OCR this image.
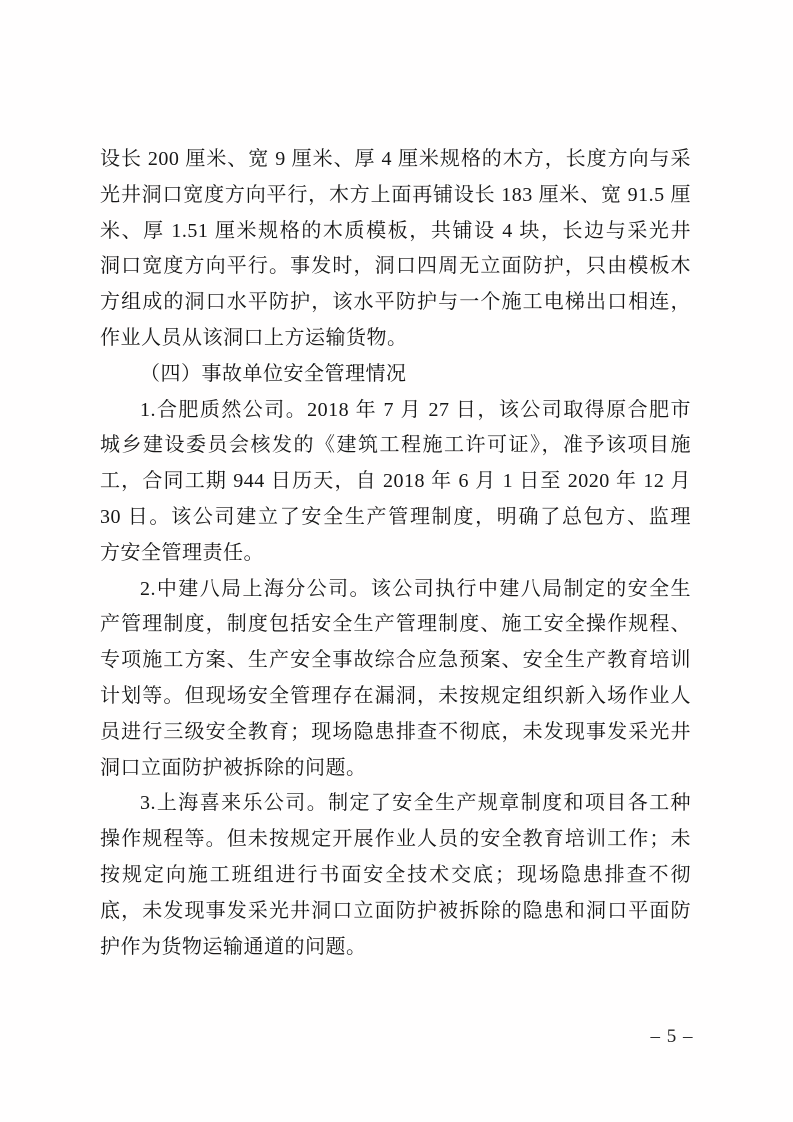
设长 200 厘米、宽 9 厘米、厚 4 厘米规格的木方，长度方向与采
光井洞口宽度方向平行，木方上面再铺设长 183 厘米、宽 91.5 厘
米、厚 1.51 厘米规格的木质模板，共铺设 4 块，长边与采光井
洞口宽度方向平行。事发时，洞口四周无立面防护，只由模板木
方组成的洞口水平防护，该水平防护与一个施工电梯出口相连，
作业人员从该洞口上方运输货物。
（四）事故单位安全管理情况
1.合肥质然公司。2018 年 7 月 27 日，该公司取得原合肥市
城乡建设委员会核发的《建筑工程施工许可证》，准予该项目施
工，合同工期 944 日历天，自 2018 年 6 月 1 日至 2020 年 12 月
30 日。该公司建立了安全生产管理制度，明确了总包方、监理
方安全管理责任。
2.中建八局上海分公司。该公司执行中建八局制定的安全生
产管理制度，制度包括安全生产管理制度、施工安全操作规程、
专项施工方案、生产安全事故综合应急预案、安全生产教育培训
计划等。但现场安全管理存在漏洞，未按规定组织新入场作业人
员进行三级安全教育；现场隐患排查不彻底，未发现事发采光井
洞口立面防护被拆除的问题。
3.上海喜来乐公司。制定了安全生产规章制度和项目各工种
操作规程等。但未按规定开展作业人员的安全教育培训工作；未
按规定向施工班组进行书面安全技术交底；现场隐患排查不彻
底，未发现事发采光井洞口立面防护被拆除的隐患和洞口平面防
护作为货物运输通道的问题。
– 5 –
